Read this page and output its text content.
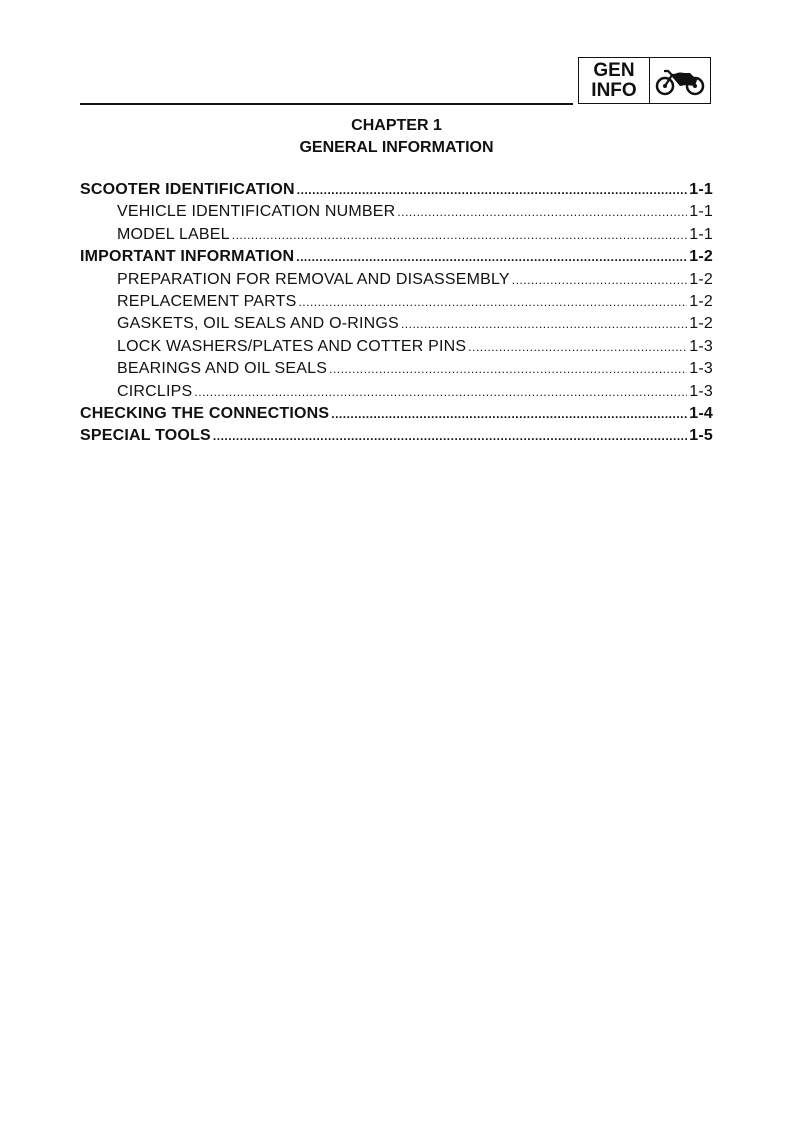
GEN
INFO
CHAPTER 1
GENERAL INFORMATION
SCOOTER IDENTIFICATION .....	1-1
VEHICLE IDENTIFICATION NUMBER .....	1-1
MODEL LABEL .....	1-1
IMPORTANT INFORMATION .....	1-2
PREPARATION FOR REMOVAL AND DISASSEMBLY .....	1-2
REPLACEMENT PARTS .....	1-2
GASKETS, OIL SEALS AND O-RINGS .....	1-2
LOCK WASHERS/PLATES AND COTTER PINS .....	1-3
BEARINGS AND OIL SEALS .....	1-3
CIRCLIPS .....	1-3
CHECKING THE CONNECTIONS .....	1-4
SPECIAL TOOLS .....	1-5
